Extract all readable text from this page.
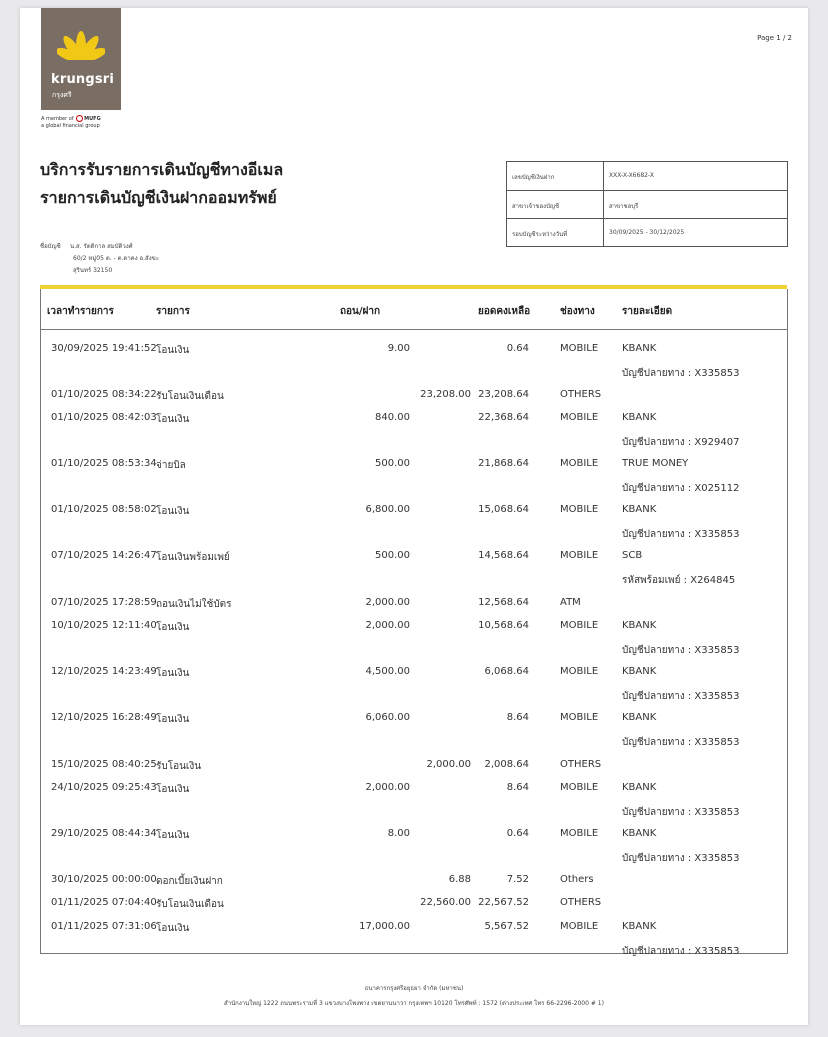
krungsri
กรุงศรี
A member of MUFG
a global financial group
Page 1 / 2
บริการรับรายการเดินบัญชีทางอีเมล
รายการเดินบัญชีเงินฝากออมทรัพย์
ชื่อบัญชี น.ส. รัตติกาล สมบัติวงศ์
60/2 หมู่05 ต. - ต.ดาคง อ.สังขะ
สุรินทร์ 32150
เลขบัญชีเงินฝาก	XXX-X-X6682-X
สาขาเจ้าของบัญชี	สาขาชลบุรี
รอบบัญชีระหว่างวันที่	30/09/2025 - 30/12/2025
เวลาทำรายการ	รายการ	ถอน/ฝาก	ยอดคงเหลือ	ช่องทาง	รายละเอียด
30/09/2025 19:41:52 โอนเงิน	9.00	0.64	MOBILE KBANK
บัญชีปลายทาง : X335853
01/10/2025 08:34:22 รับโอนเงินเดือน	23,208.00 23,208.64	OTHERS
01/10/2025 08:42:03 โอนเงิน	840.00	22,368.64	MOBILE KBANK
บัญชีปลายทาง : X929407
01/10/2025 08:53:34 จ่ายบิล	500.00	21,868.64	MOBILE TRUE MONEY
บัญชีปลายทาง : X025112
01/10/2025 08:58:02 โอนเงิน	6,800.00	15,068.64	MOBILE KBANK
บัญชีปลายทาง : X335853
07/10/2025 14:26:47 โอนเงินพร้อมเพย์	500.00	14,568.64	MOBILE SCB
รหัสพร้อมเพย์ : X264845
07/10/2025 17:28:59 ถอนเงินไม่ใช้บัตร	2,000.00	12,568.64	ATM
10/10/2025 12:11:40 โอนเงิน	2,000.00	10,568.64	MOBILE KBANK
บัญชีปลายทาง : X335853
12/10/2025 14:23:49 โอนเงิน	4,500.00	6,068.64	MOBILE KBANK
บัญชีปลายทาง : X335853
12/10/2025 16:28:49 โอนเงิน	6,060.00	8.64	MOBILE KBANK
บัญชีปลายทาง : X335853
15/10/2025 08:40:25 รับโอนเงิน	2,000.00 2,008.64	OTHERS
24/10/2025 09:25:43 โอนเงิน	2,000.00	8.64	MOBILE KBANK
บัญชีปลายทาง : X335853
29/10/2025 08:44:34 โอนเงิน	8.00	0.64	MOBILE KBANK
บัญชีปลายทาง : X335853
30/10/2025 00:00:00 ดอกเบี้ยเงินฝาก	6.88	7.52	Others
01/11/2025 07:04:40 รับโอนเงินเดือน	22,560.00 22,567.52	OTHERS
01/11/2025 07:31:06 โอนเงิน	17,000.00	5,567.52	MOBILE KBANK
บัญชีปลายทาง : X335853
ธนาคารกรุงศรีอยุธยา จำกัด (มหาชน)
สำนักงานใหญ่ 1222 ถนนพระรามที่ 3 แขวงบางโพงพาง เขตยานนาวา กรุงเทพฯ 10120 โทรศัพท์ : 1572 (ต่างประเทศ โทร 66-2296-2000 # 1)
